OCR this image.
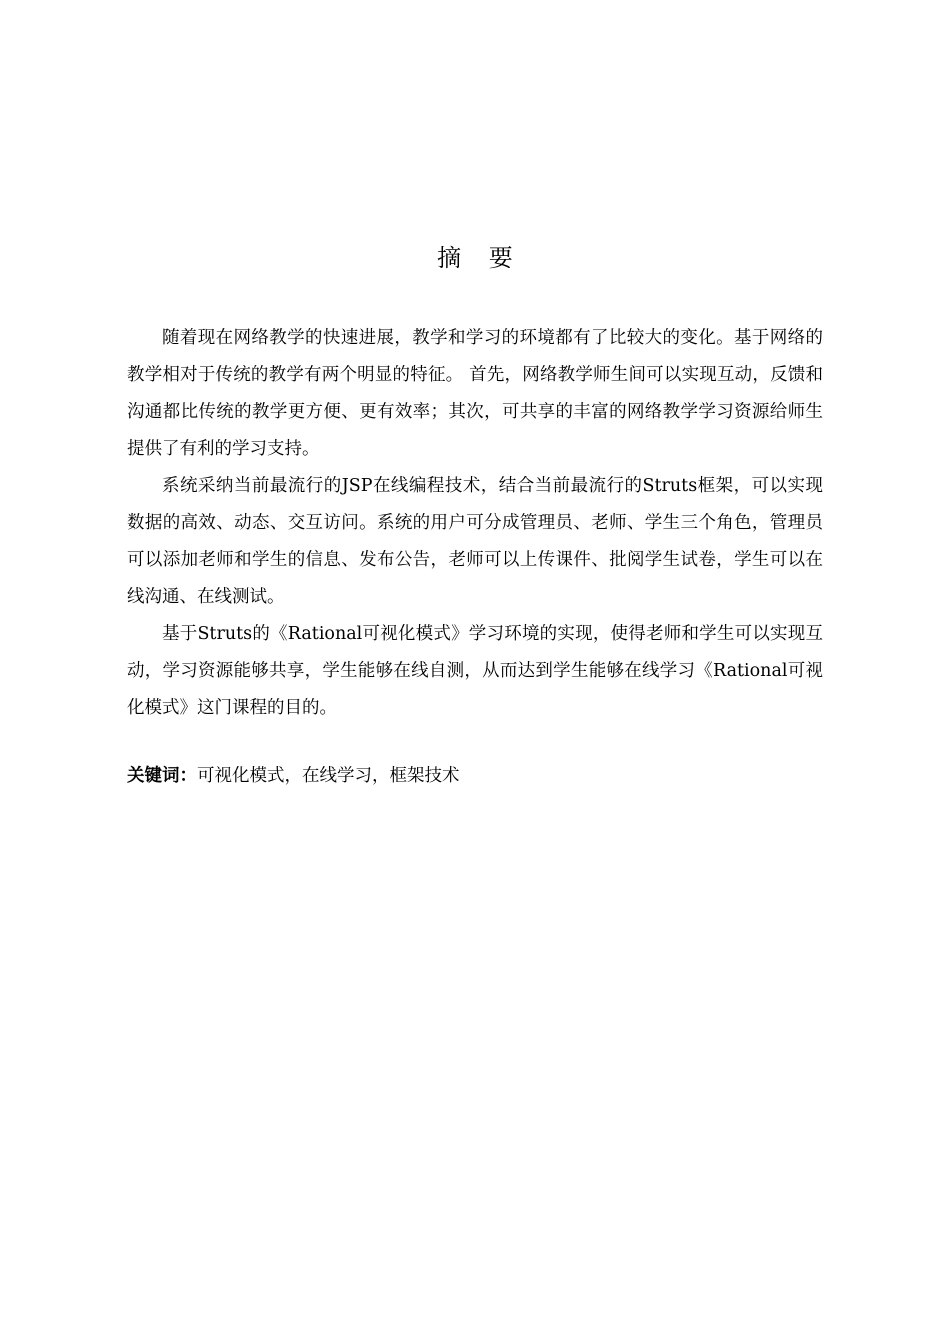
摘 要

随着现在网络教学的快速进展，教学和学习的环境都有了比较大的变化。基于网络的教学相对于传统的教学有两个明显的特征。 首先，网络教学师生间可以实现互动，反馈和沟通都比传统的教学更方便、更有效率；其次，可共享的丰富的网络教学学习资源给师生提供了有利的学习支持。

系统采纳当前最流行的JSP在线编程技术，结合当前最流行的Struts框架，可以实现数据的高效、动态、交互访问。系统的用户可分成管理员、老师、学生三个角色，管理员可以添加老师和学生的信息、发布公告，老师可以上传课件、批阅学生试卷，学生可以在线沟通、在线测试。

基于Struts的《Rational可视化模式》学习环境的实现，使得老师和学生可以实现互动，学习资源能够共享，学生能够在线自测，从而达到学生能够在线学习《Rational可视化模式》这门课程的目的。

关键词：可视化模式，在线学习，框架技术
